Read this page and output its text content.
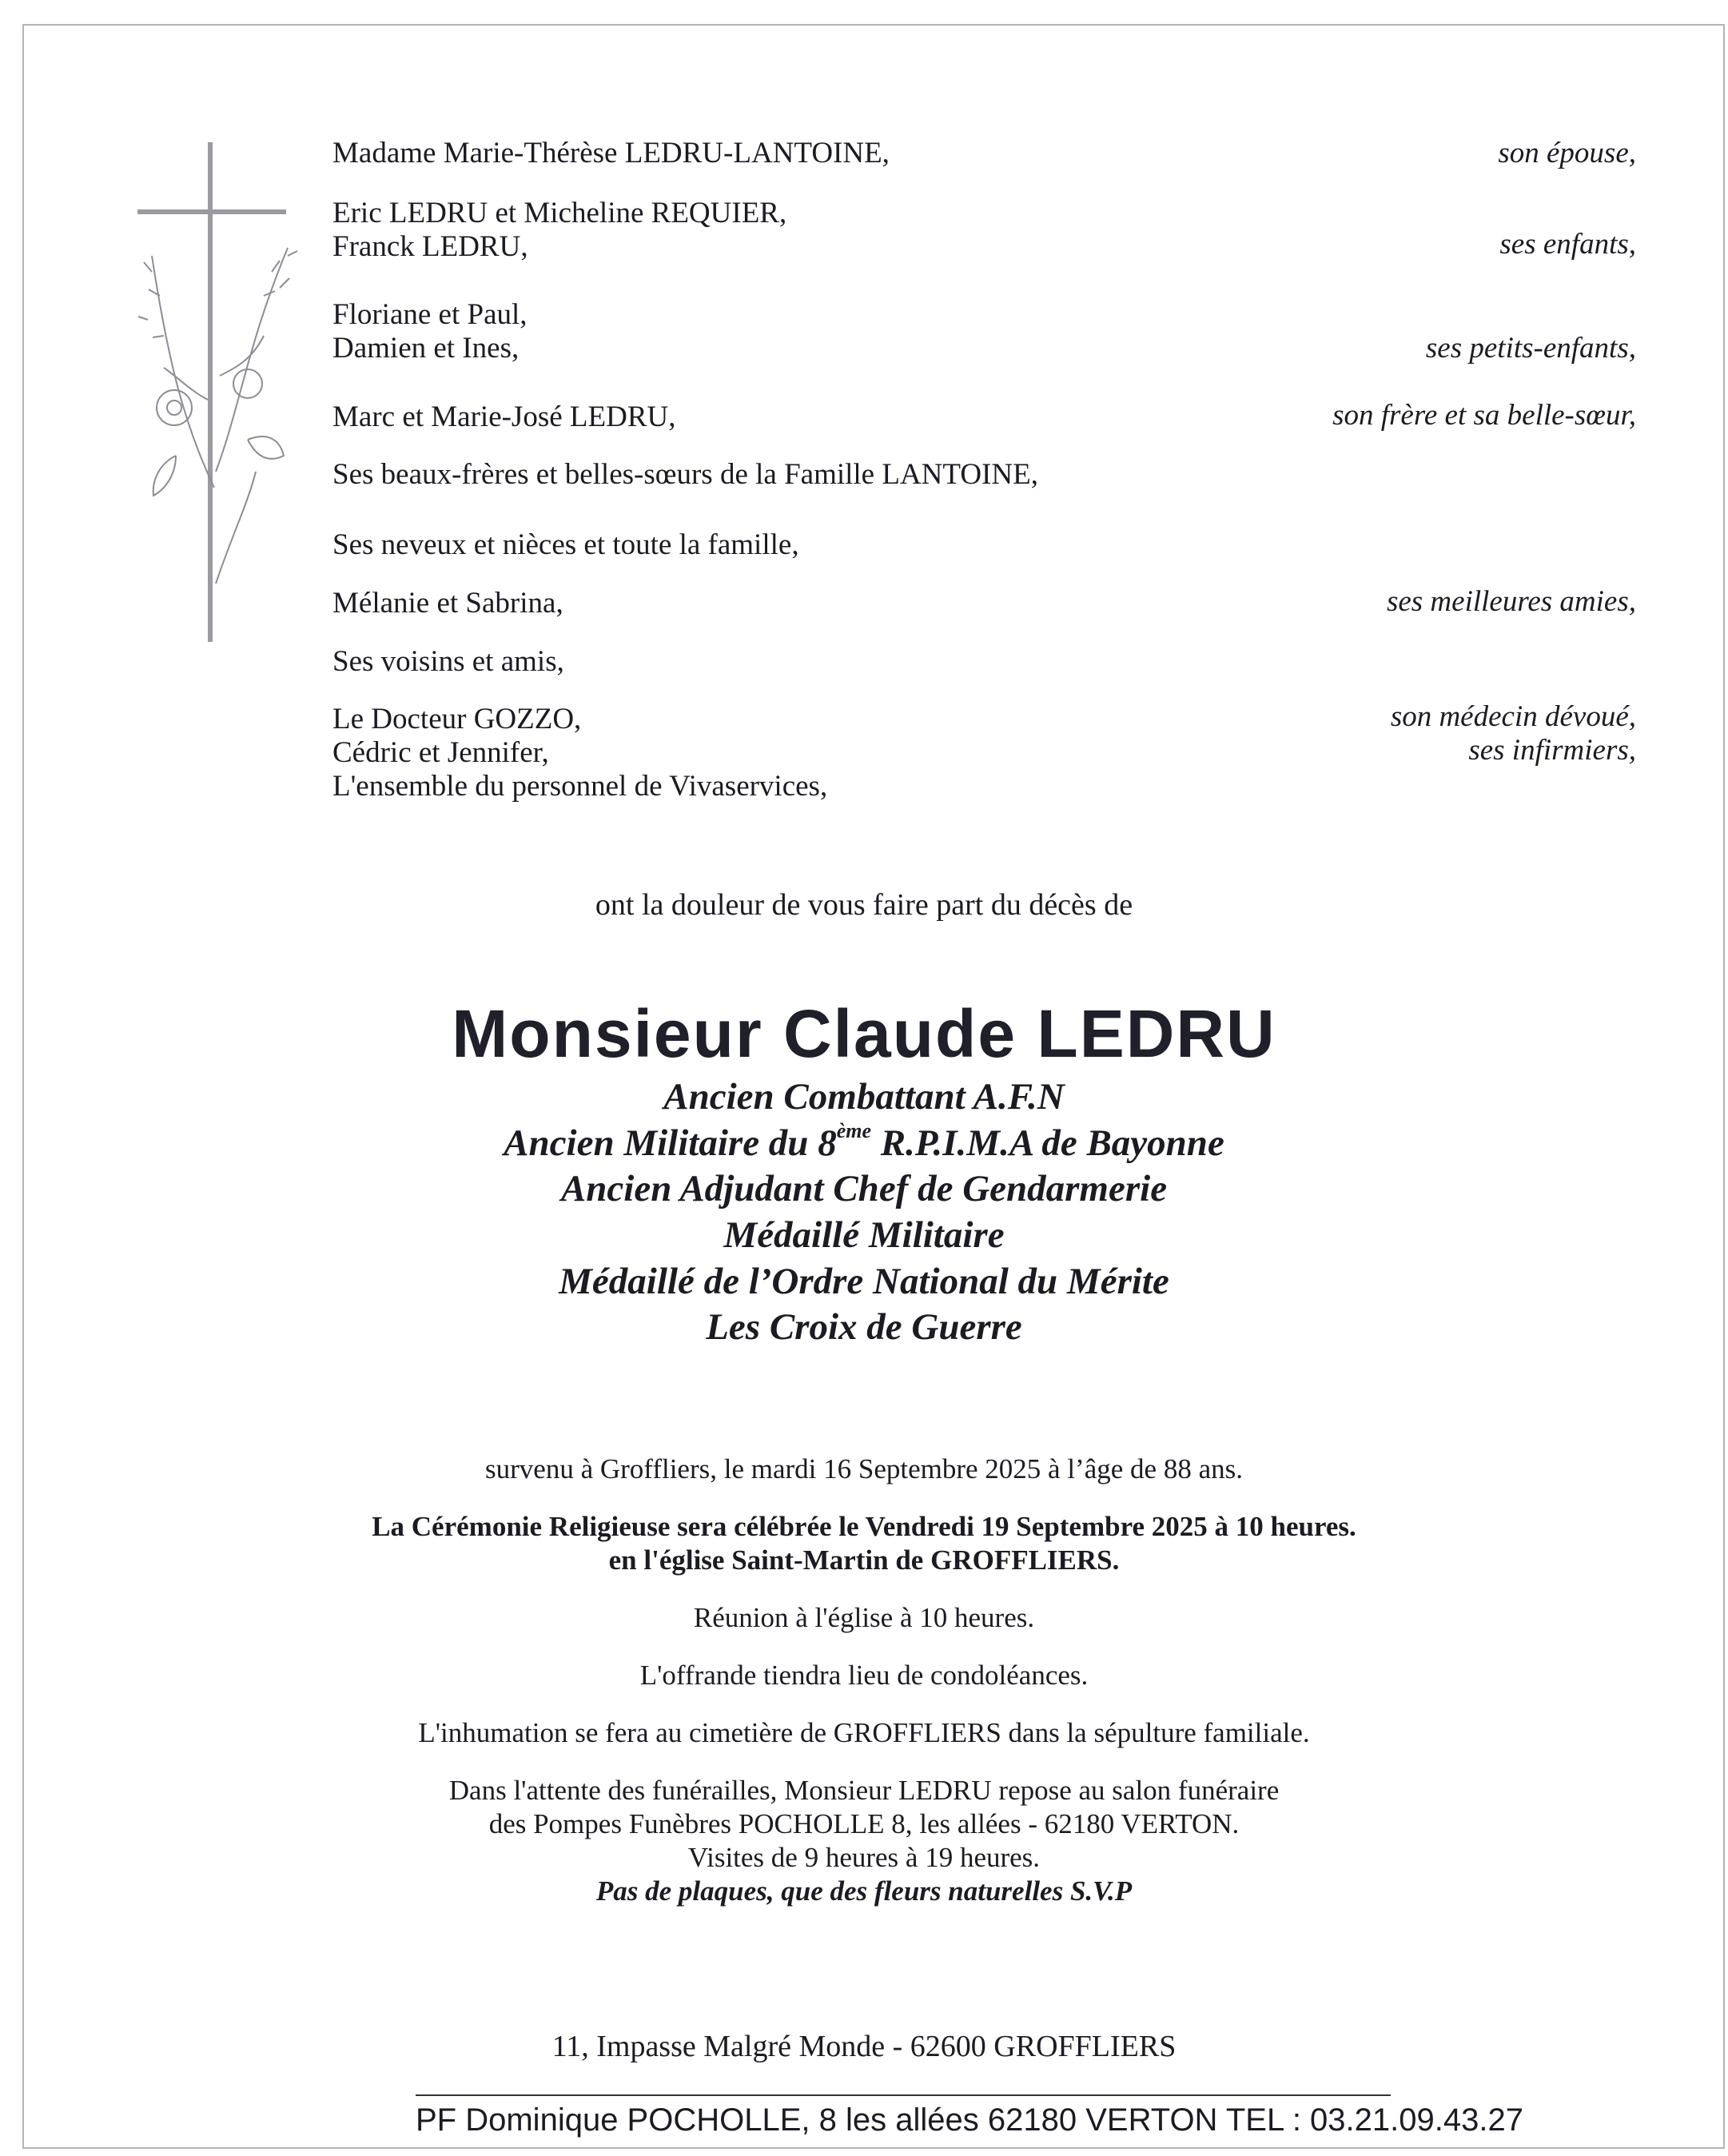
Madame Marie-Thérèse LEDRU-LANTOINE,
Eric LEDRU et Micheline REQUIER,
Franck LEDRU,
Floriane et Paul,
Damien et Ines,
Marc et Marie-José LEDRU,
Ses beaux-frères et belles-sœurs de la Famille LANTOINE,
Ses neveux et nièces et toute la famille,
Mélanie et Sabrina,
Ses voisins et amis,
Le Docteur GOZZO,
Cédric et Jennifer,
L'ensemble du personnel de Vivaservices,
son épouse,
ses enfants,
ses petits-enfants,
son frère et sa belle-sœur,
ses meilleures amies,
son médecin dévoué,
ses infirmiers,
ont la douleur de vous faire part du décès de
Monsieur Claude LEDRU
Ancien Combattant A.F.N
Ancien Militaire du 8ème R.P.I.M.A de Bayonne
Ancien Adjudant Chef de Gendarmerie
Médaillé Militaire
Médaillé de l’Ordre National du Mérite
Les Croix de Guerre
survenu à Groffliers, le mardi 16 Septembre 2025 à l’âge de 88 ans.
La Cérémonie Religieuse sera célébrée le Vendredi 19 Septembre 2025 à 10 heures.
en l'église Saint-Martin de GROFFLIERS.
Réunion à l'église à 10 heures.
L'offrande tiendra lieu de condoléances.
L'inhumation se fera au cimetière de GROFFLIERS dans la sépulture familiale.
Dans l'attente des funérailles, Monsieur LEDRU repose au salon funéraire
des Pompes Funèbres POCHOLLE 8, les allées - 62180 VERTON.
Visites de 9 heures à 19 heures.
Pas de plaques, que des fleurs naturelles S.V.P
11, Impasse Malgré Monde - 62600 GROFFLIERS
PF Dominique POCHOLLE, 8 les allées 62180 VERTON TEL : 03.21.09.43.27
